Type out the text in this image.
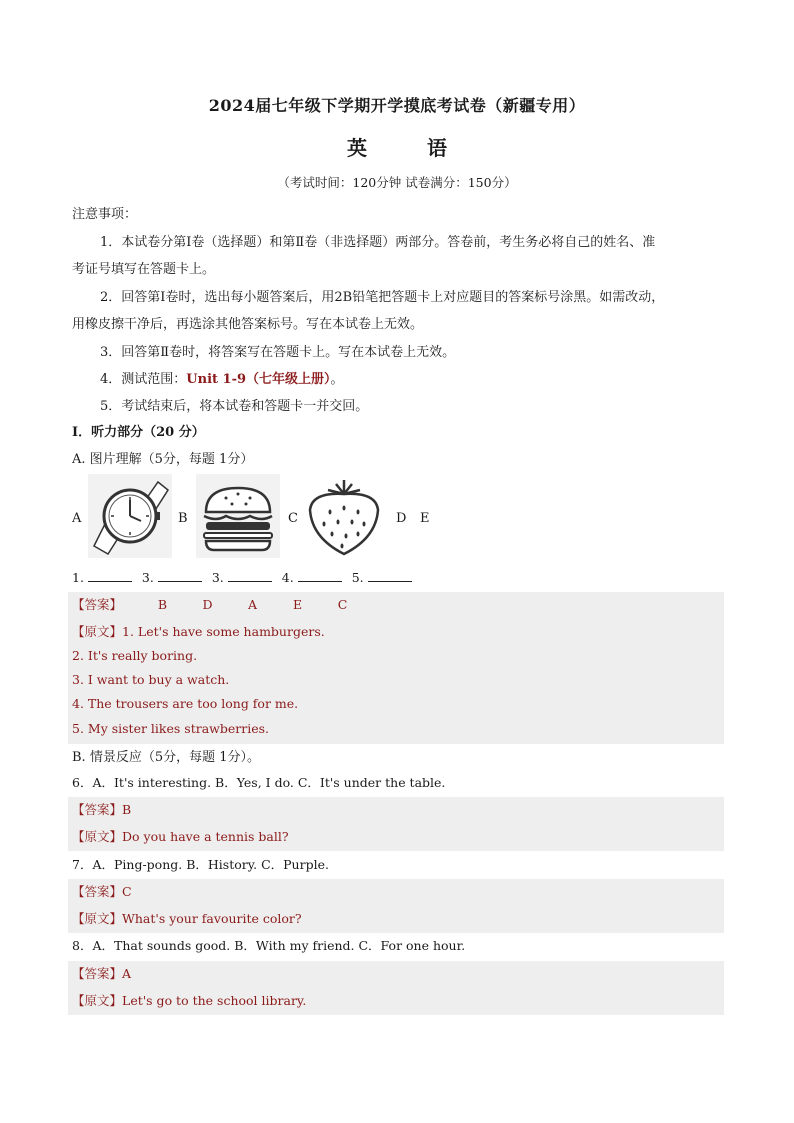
2024届七年级下学期开学摸底考试卷（新疆专用）
英	语
（考试时间：120分钟 试卷满分：150分）
注意事项：
1．本试卷分第Ⅰ卷（选择题）和第Ⅱ卷（非选择题）两部分。答卷前，考生务必将自己的姓名、准
考证号填写在答题卡上。
2．回答第Ⅰ卷时，选出每小题答案后，用2B铅笔把答题卡上对应题目的答案标号涂黑。如需改动，
用橡皮擦干净后，再选涂其他答案标号。写在本试卷上无效。
3．回答第Ⅱ卷时，将答案写在答题卡上。写在本试卷上无效。
4．测试范围：Unit 1-9（七年级上册）。
5．考试结束后，将本试卷和答题卡一并交回。
Ⅰ．听力部分（20 分）
A. 图片理解（5分，每题 1分）
A	B	C	D E
1.	3.	3.	4.	5.
【答案】	B	D	A	E	C
【原文】1. Let's have some hamburgers.
2. It's really boring.
3. I want to buy a watch.
4. The trousers are too long for me.
5. My sister likes strawberries.
B. 情景反应（5分，每题 1分）。
6．A．It's interesting. B．Yes, I do. C．It's under the table.
【答案】B
【原文】Do you have a tennis ball?
7．A．Ping-pong. B．History. C．Purple.
【答案】C
【原文】What's your favourite color?
8．A．That sounds good. B．With my friend. C．For one hour.
【答案】A
【原文】Let's go to the school library.
